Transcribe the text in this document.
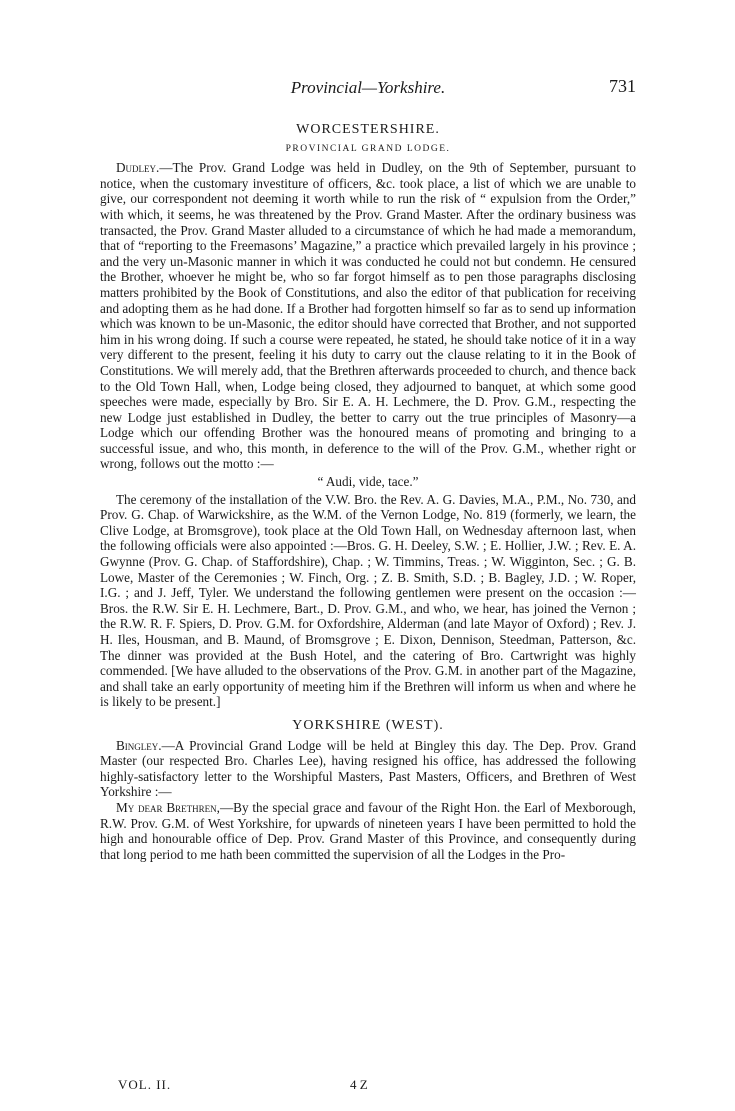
Provincial—Yorkshire.	731
WORCESTERSHIRE.
PROVINCIAL GRAND LODGE.

Dudley.—The Prov. Grand Lodge was held in Dudley, on the 9th of September, pursuant to notice, when the customary investiture of officers, &c. took place, a list of which we are unable to give, our correspondent not deeming it worth while to run the risk of “ expulsion from the Order,” with which, it seems, he was threatened by the Prov. Grand Master. After the ordinary business was transacted, the Prov. Grand Master alluded to a circumstance of which he had made a memorandum, that of “reporting to the Freemasons’ Magazine,” a practice which prevailed largely in his province ; and the very un-Masonic manner in which it was conducted he could not but condemn. He censured the Brother, whoever he might be, who so far forgot himself as to pen those paragraphs disclosing matters prohibited by the Book of Constitutions, and also the editor of that publication for receiving and adopting them as he had done. If a Brother had forgotten himself so far as to send up information which was known to be un-Masonic, the editor should have corrected that Brother, and not supported him in his wrong doing. If such a course were repeated, he stated, he should take notice of it in a way very different to the present, feeling it his duty to carry out the clause relating to it in the Book of Constitutions. We will merely add, that the Brethren afterwards proceeded to church, and thence back to the Old Town Hall, when, Lodge being closed, they adjourned to banquet, at which some good speeches were made, especially by Bro. Sir E. A. H. Lechmere, the D. Prov. G.M., respecting the new Lodge just established in Dudley, the better to carry out the true principles of Masonry—a Lodge which our offending Brother was the honoured means of promoting and bringing to a successful issue, and who, this month, in deference to the will of the Prov. G.M., whether right or wrong, follows out the motto :—

“ Audi, vide, tace.”

The ceremony of the installation of the V.W. Bro. the Rev. A. G. Davies, M.A., P.M., No. 730, and Prov. G. Chap. of Warwickshire, as the W.M. of the Vernon Lodge, No. 819 (formerly, we learn, the Clive Lodge, at Bromsgrove), took place at the Old Town Hall, on Wednesday afternoon last, when the following officials were also appointed :—Bros. G. H. Deeley, S.W. ; E. Hollier, J.W. ; Rev. E. A. Gwynne (Prov. G. Chap. of Staffordshire), Chap. ; W. Timmins, Treas. ; W. Wigginton, Sec. ; G. B. Lowe, Master of the Ceremonies ; W. Finch, Org. ; Z. B. Smith, S.D. ; B. Bagley, J.D. ; W. Roper, I.G. ; and J. Jeff, Tyler. We understand the following gentlemen were present on the occasion :—Bros. the R.W. Sir E. H. Lechmere, Bart., D. Prov. G.M., and who, we hear, has joined the Vernon ; the R.W. R. F. Spiers, D. Prov. G.M. for Oxfordshire, Alderman (and late Mayor of Oxford) ; Rev. J. H. Iles, Housman, and B. Maund, of Bromsgrove ; E. Dixon, Dennison, Steedman, Patterson, &c. The dinner was provided at the Bush Hotel, and the catering of Bro. Cartwright was highly commended. [We have alluded to the observations of the Prov. G.M. in another part of the Magazine, and shall take an early opportunity of meeting him if the Brethren will inform us when and where he is likely to be present.]

YORKSHIRE (WEST).

Bingley.—A Provincial Grand Lodge will be held at Bingley this day. The Dep. Prov. Grand Master (our respected Bro. Charles Lee), having resigned his office, has addressed the following highly-satisfactory letter to the Worshipful Masters, Past Masters, Officers, and Brethren of West Yorkshire :—

My dear Brethren,—By the special grace and favour of the Right Hon. the Earl of Mexborough, R.W. Prov. G.M. of West Yorkshire, for upwards of nineteen years I have been permitted to hold the high and honourable office of Dep. Prov. Grand Master of this Province, and consequently during that long period to me hath been committed the supervision of all the Lodges in the Pro-

VOL. II.	4 Z
